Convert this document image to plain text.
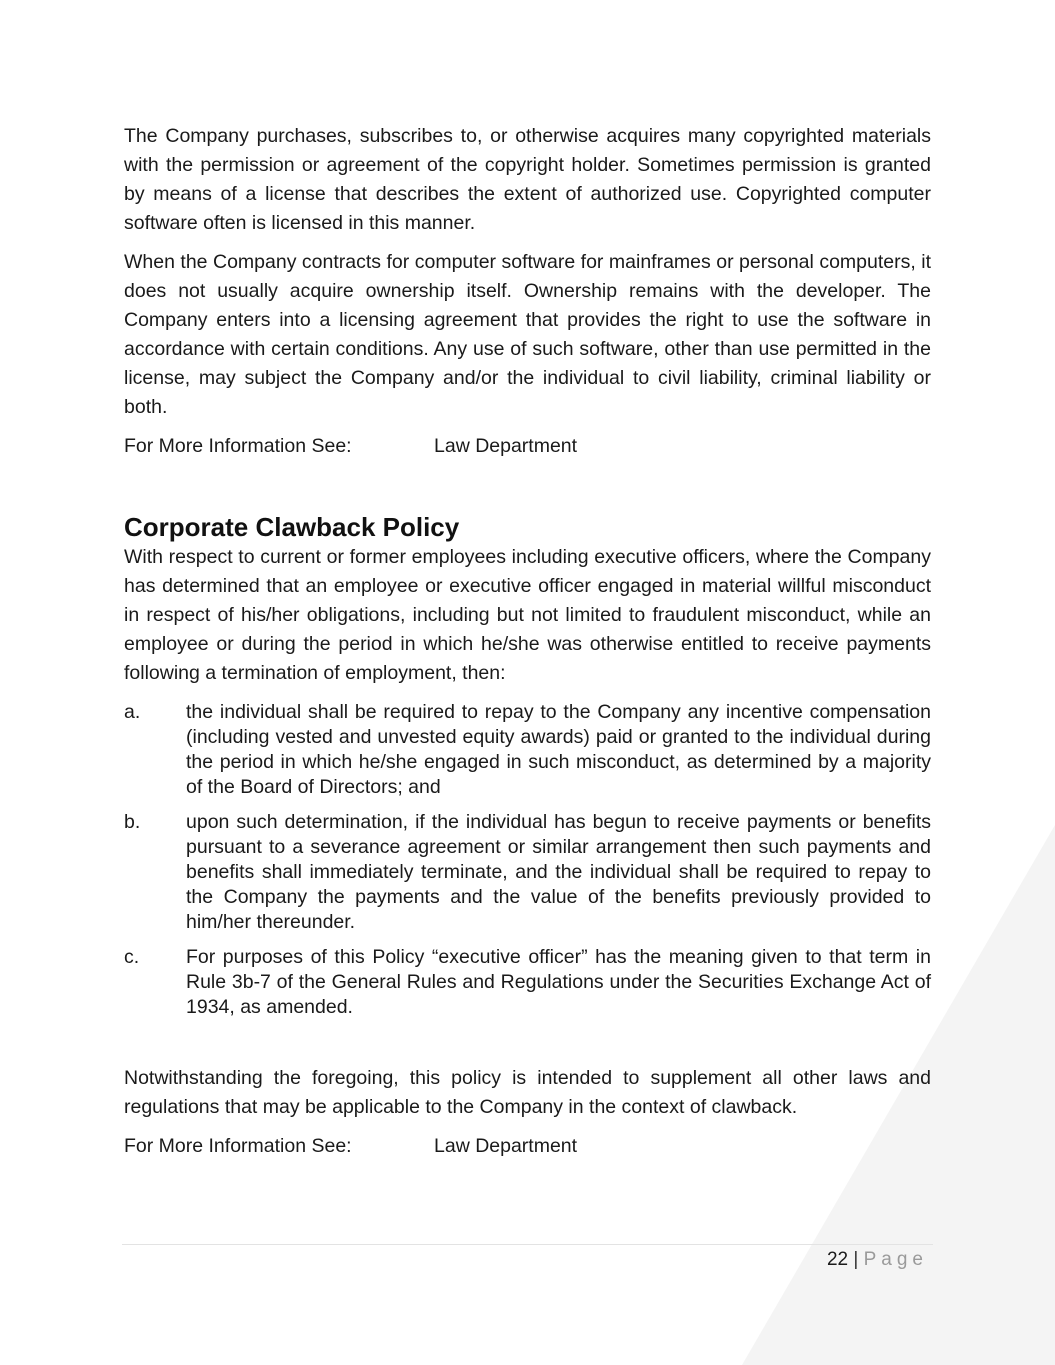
The Company purchases, subscribes to, or otherwise acquires many copyrighted materials with the permission or agreement of the copyright holder. Sometimes permission is granted by means of a license that describes the extent of authorized use. Copyrighted computer software often is licensed in this manner.

When the Company contracts for computer software for mainframes or personal computers, it does not usually acquire ownership itself. Ownership remains with the developer. The Company enters into a licensing agreement that provides the right to use the software in accordance with certain conditions. Any use of such software, other than use permitted in the license, may subject the Company and/or the individual to civil liability, criminal liability or both.

For More Information See:	Law Department
Corporate Clawback Policy

With respect to current or former employees including executive officers, where the Company has determined that an employee or executive officer engaged in material willful misconduct in respect of his/her obligations, including but not limited to fraudulent misconduct, while an employee or during the period in which he/she was otherwise entitled to receive payments following a termination of employment, then:

a.	the individual shall be required to repay to the Company any incentive compensation (including vested and unvested equity awards) paid or granted to the individual during the period in which he/she engaged in such misconduct, as determined by a majority of the Board of Directors; and
b.	upon such determination, if the individual has begun to receive payments or benefits pursuant to a severance agreement or similar arrangement then such payments and benefits shall immediately terminate, and the individual shall be required to repay to the Company the payments and the value of the benefits previously provided to him/her thereunder.
c.	For purposes of this Policy “executive officer” has the meaning given to that term in Rule 3b-7 of the General Rules and Regulations under the Securities Exchange Act of 1934, as amended.

Notwithstanding the foregoing, this policy is intended to supplement all other laws and regulations that may be applicable to the Company in the context of clawback.

For More Information See:	Law Department
22 | Page
